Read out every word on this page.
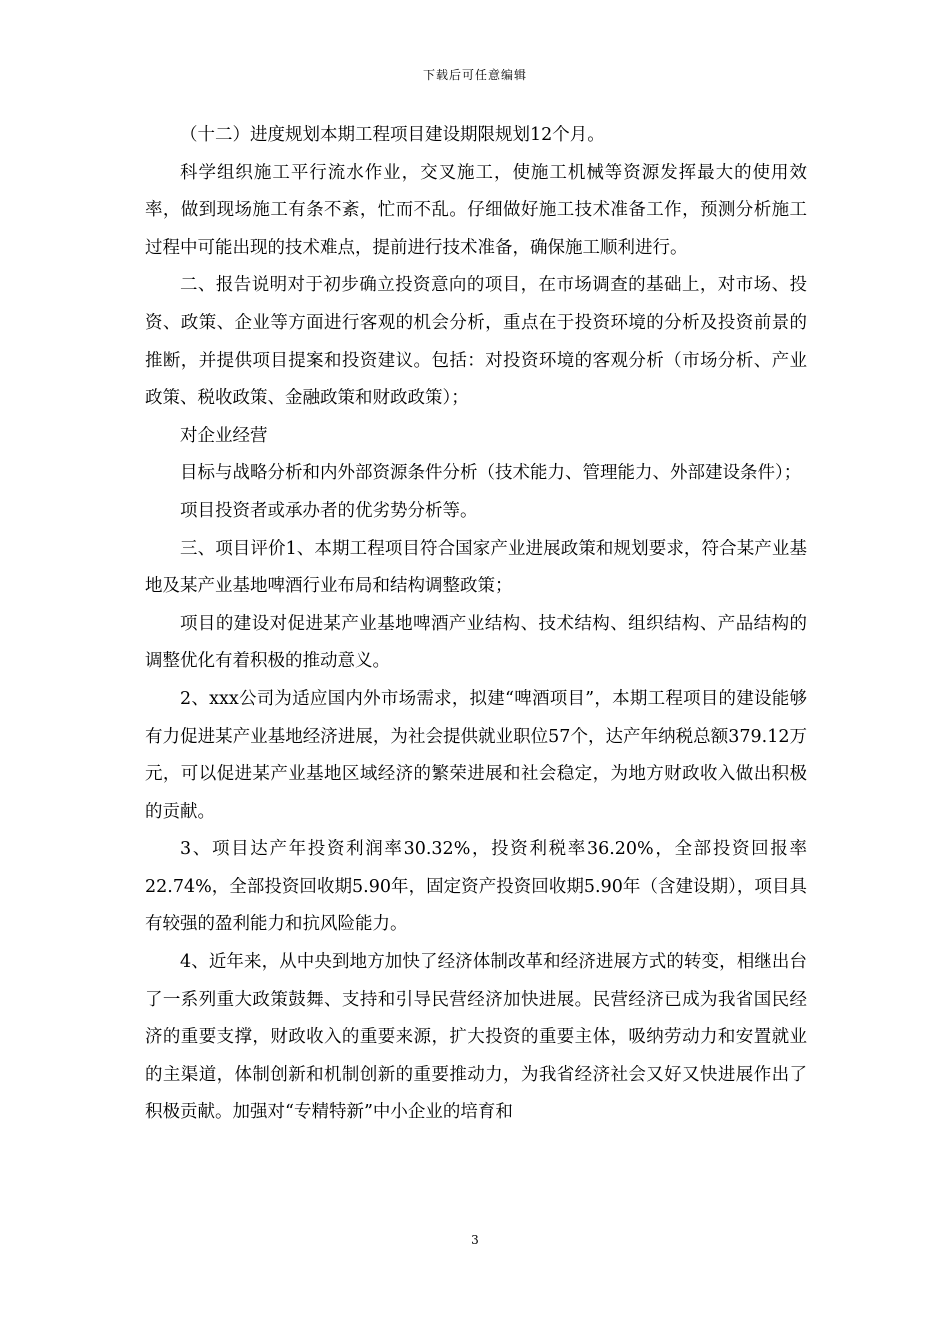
下载后可任意编辑

（十二）进度规划本期工程项目建设期限规划12个月。

科学组织施工平行流水作业，交叉施工，使施工机械等资源发挥最大的使用效率，做到现场施工有条不紊，忙而不乱。仔细做好施工技术准备工作，预测分析施工过程中可能出现的技术难点，提前进行技术准备，确保施工顺利进行。

二、报告说明对于初步确立投资意向的项目，在市场调查的基础上，对市场、投资、政策、企业等方面进行客观的机会分析，重点在于投资环境的分析及投资前景的推断，并提供项目提案和投资建议。包括：对投资环境的客观分析（市场分析、产业政策、税收政策、金融政策和财政政策）；

对企业经营

目标与战略分析和内外部资源条件分析（技术能力、管理能力、外部建设条件）；

项目投资者或承办者的优劣势分析等。

三、项目评价1、本期工程项目符合国家产业进展政策和规划要求，符合某产业基地及某产业基地啤酒行业布局和结构调整政策；

项目的建设对促进某产业基地啤酒产业结构、技术结构、组织结构、产品结构的调整优化有着积极的推动意义。

2、xxx公司为适应国内外市场需求，拟建“啤酒项目”，本期工程项目的建设能够有力促进某产业基地经济进展，为社会提供就业职位57个，达产年纳税总额379.12万元，可以促进某产业基地区域经济的繁荣进展和社会稳定，为地方财政收入做出积极的贡献。

3、项目达产年投资利润率30.32%，投资利税率36.20%，全部投资回报率22.74%，全部投资回收期5.90年，固定资产投资回收期5.90年（含建设期），项目具有较强的盈利能力和抗风险能力。

4、近年来，从中央到地方加快了经济体制改革和经济进展方式的转变，相继出台了一系列重大政策鼓舞、支持和引导民营经济加快进展。民营经济已成为我省国民经济的重要支撑，财政收入的重要来源，扩大投资的重要主体，吸纳劳动力和安置就业的主渠道，体制创新和机制创新的重要推动力，为我省经济社会又好又快进展作出了积极贡献。加强对“专精特新”中小企业的培育和

3
